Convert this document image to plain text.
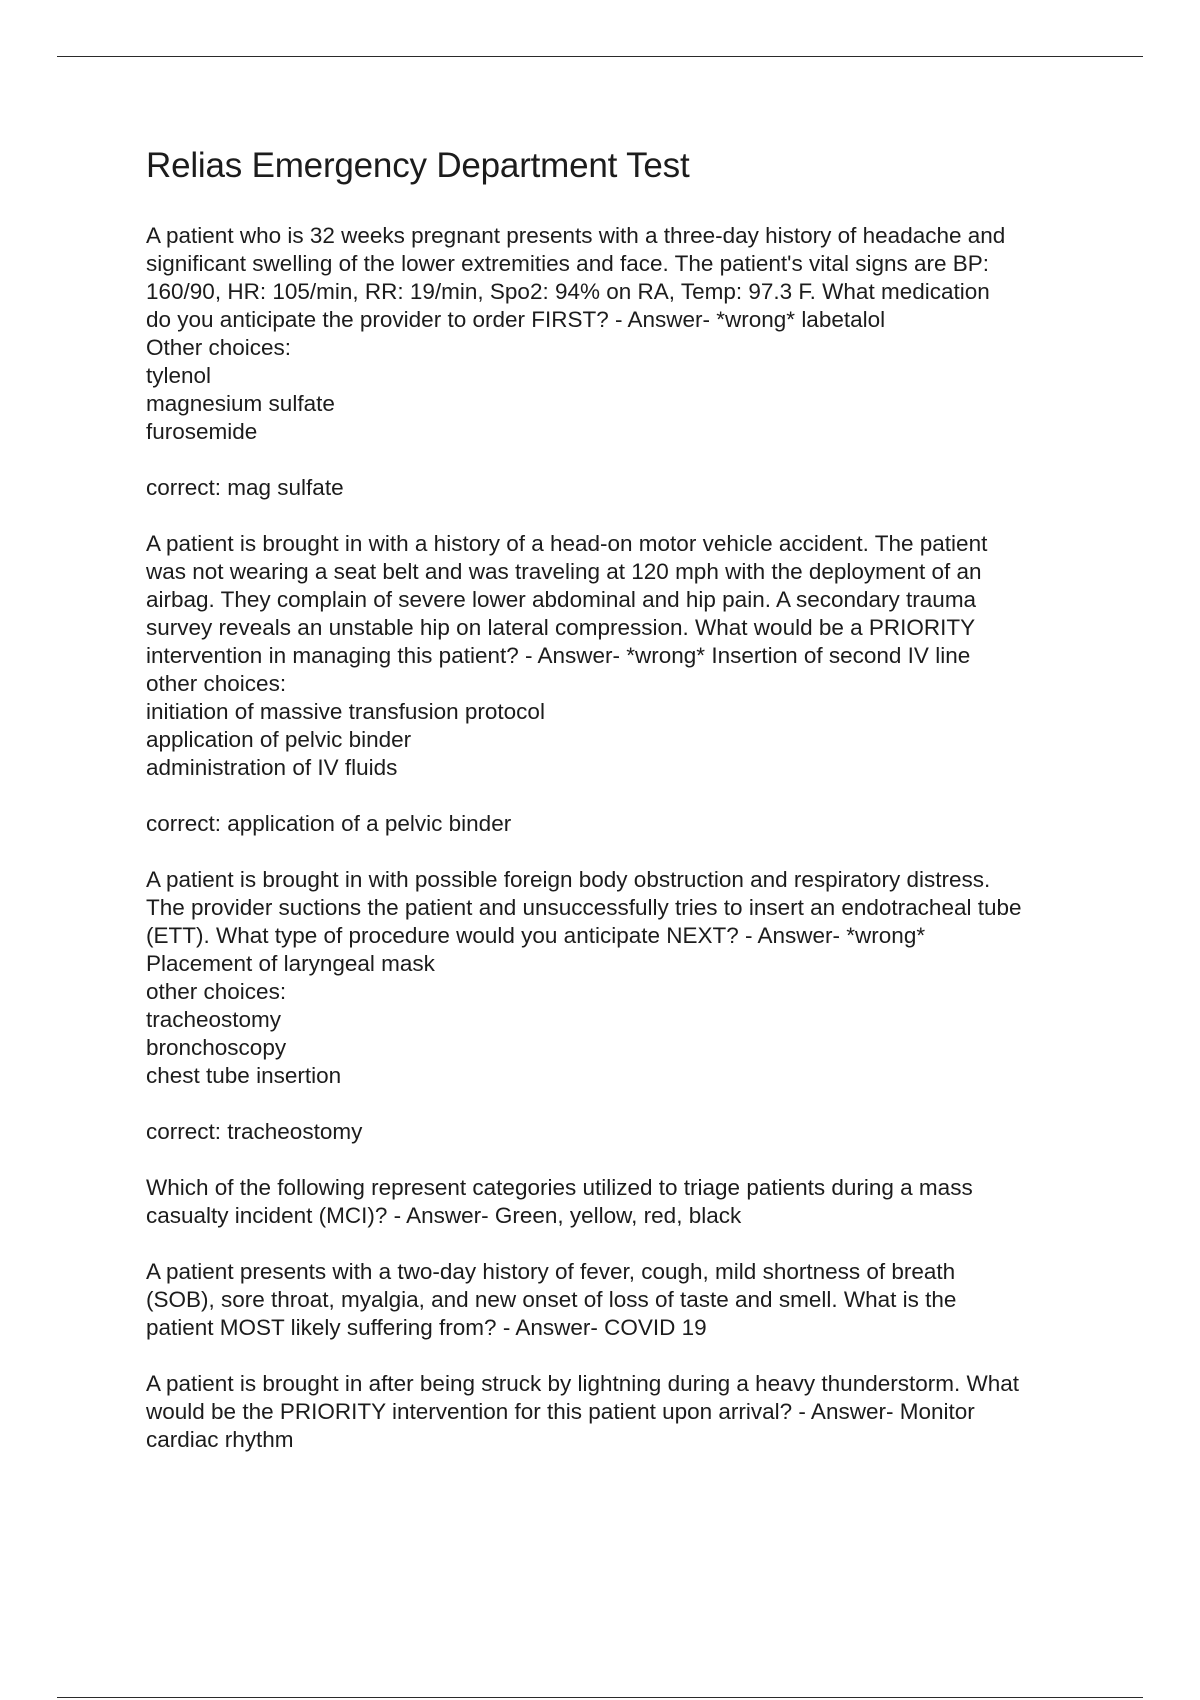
Relias Emergency Department Test
A patient who is 32 weeks pregnant presents with a three-day history of headache and
significant swelling of the lower extremities and face. The patient's vital signs are BP:
160/90, HR: 105/min, RR: 19/min, Spo2: 94% on RA, Temp: 97.3 F. What medication
do you anticipate the provider to order FIRST? - Answer- *wrong* labetalol
Other choices:
tylenol
magnesium sulfate
furosemide
correct: mag sulfate
A patient is brought in with a history of a head-on motor vehicle accident. The patient
was not wearing a seat belt and was traveling at 120 mph with the deployment of an
airbag. They complain of severe lower abdominal and hip pain. A secondary trauma
survey reveals an unstable hip on lateral compression. What would be a PRIORITY
intervention in managing this patient? - Answer- *wrong* Insertion of second IV line
other choices:
initiation of massive transfusion protocol
application of pelvic binder
administration of IV fluids
correct: application of a pelvic binder
A patient is brought in with possible foreign body obstruction and respiratory distress.
The provider suctions the patient and unsuccessfully tries to insert an endotracheal tube
(ETT). What type of procedure would you anticipate NEXT? - Answer- *wrong*
Placement of laryngeal mask
other choices:
tracheostomy
bronchoscopy
chest tube insertion
correct: tracheostomy
Which of the following represent categories utilized to triage patients during a mass
casualty incident (MCI)? - Answer- Green, yellow, red, black
A patient presents with a two-day history of fever, cough, mild shortness of breath
(SOB), sore throat, myalgia, and new onset of loss of taste and smell. What is the
patient MOST likely suffering from? - Answer- COVID 19
A patient is brought in after being struck by lightning during a heavy thunderstorm. What
would be the PRIORITY intervention for this patient upon arrival? - Answer- Monitor
cardiac rhythm
